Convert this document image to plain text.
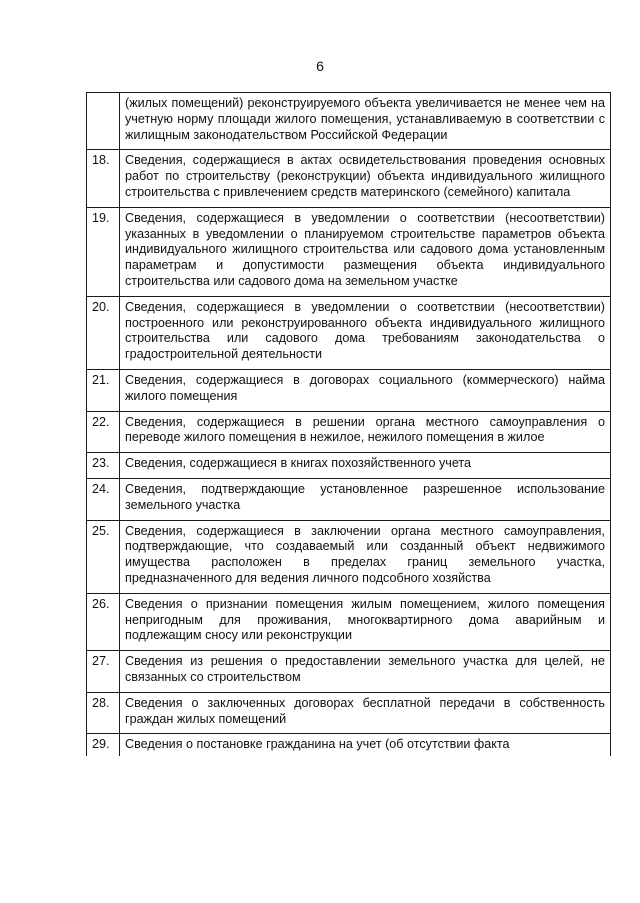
6
	(жилых помещений) реконструируемого объекта увеличивается не менее чем на учетную норму площади жилого помещения, устанавливаемую в соответствии с жилищным законодательством Российской Федерации
18.	Сведения, содержащиеся в актах освидетельствования проведения основных работ по строительству (реконструкции) объекта индивидуального жилищного строительства с привлечением средств материнского (семейного) капитала
19.	Сведения, содержащиеся в уведомлении о соответствии (несоответствии) указанных в уведомлении о планируемом строительстве параметров объекта индивидуального жилищного строительства или садового дома установленным параметрам и допустимости размещения объекта индивидуального строительства или садового дома на земельном участке
20.	Сведения, содержащиеся в уведомлении о соответствии (несоответствии) построенного или реконструированного объекта индивидуального жилищного строительства или садового дома требованиям законодательства о градостроительной деятельности
21.	Сведения, содержащиеся в договорах социального (коммерческого) найма жилого помещения
22.	Сведения, содержащиеся в решении органа местного самоуправления о переводе жилого помещения в нежилое, нежилого помещения в жилое
23.	Сведения, содержащиеся в книгах похозяйственного учета
24.	Сведения, подтверждающие установленное разрешенное использование земельного участка
25.	Сведения, содержащиеся в заключении органа местного самоуправления, подтверждающие, что создаваемый или созданный объект недвижимого имущества расположен в пределах границ земельного участка, предназначенного для ведения личного подсобного хозяйства
26.	Сведения о признании помещения жилым помещением, жилого помещения непригодным для проживания, многоквартирного дома аварийным и подлежащим сносу или реконструкции
27.	Сведения из решения о предоставлении земельного участка для целей, не связанных со строительством
28.	Сведения о заключенных договорах бесплатной передачи в собственность граждан жилых помещений
29.	Сведения о постановке гражданина на учет (об отсутствии факта
